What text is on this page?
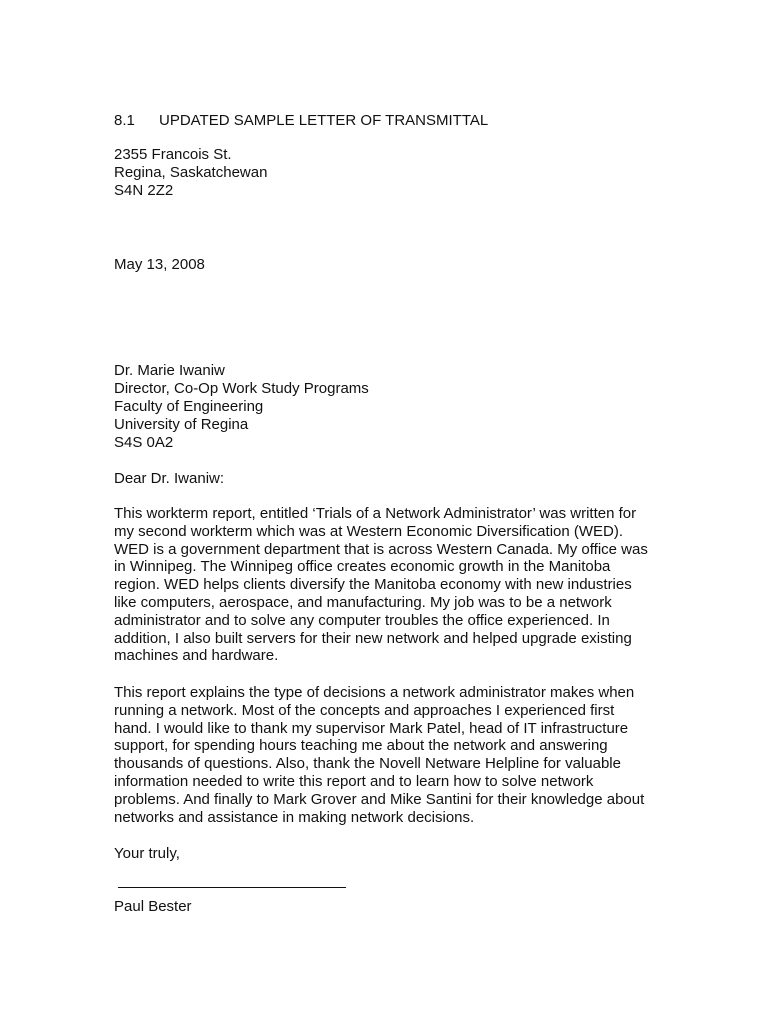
8.1	UPDATED SAMPLE LETTER OF TRANSMITTAL
2355 Francois St.
Regina, Saskatchewan
S4N 2Z2
May 13, 2008
Dr. Marie Iwaniw
Director, Co-Op Work Study Programs
Faculty of Engineering
University of Regina
S4S 0A2
Dear Dr. Iwaniw:
This workterm report, entitled ‘Trials of a Network Administrator’ was written for
my second workterm which was at Western Economic Diversification (WED).
WED is a government department that is across Western Canada. My office was
in Winnipeg. The Winnipeg office creates economic growth in the Manitoba
region. WED helps clients diversify the Manitoba economy with new industries
like computers, aerospace, and manufacturing. My job was to be a network
administrator and to solve any computer troubles the office experienced. In
addition, I also built servers for their new network and helped upgrade existing
machines and hardware.
This report explains the type of decisions a network administrator makes when
running a network. Most of the concepts and approaches I experienced first
hand. I would like to thank my supervisor Mark Patel, head of IT infrastructure
support, for spending hours teaching me about the network and answering
thousands of questions. Also, thank the Novell Netware Helpline for valuable
information needed to write this report and to learn how to solve network
problems. And finally to Mark Grover and Mike Santini for their knowledge about
networks and assistance in making network decisions.
Your truly,
Paul Bester
